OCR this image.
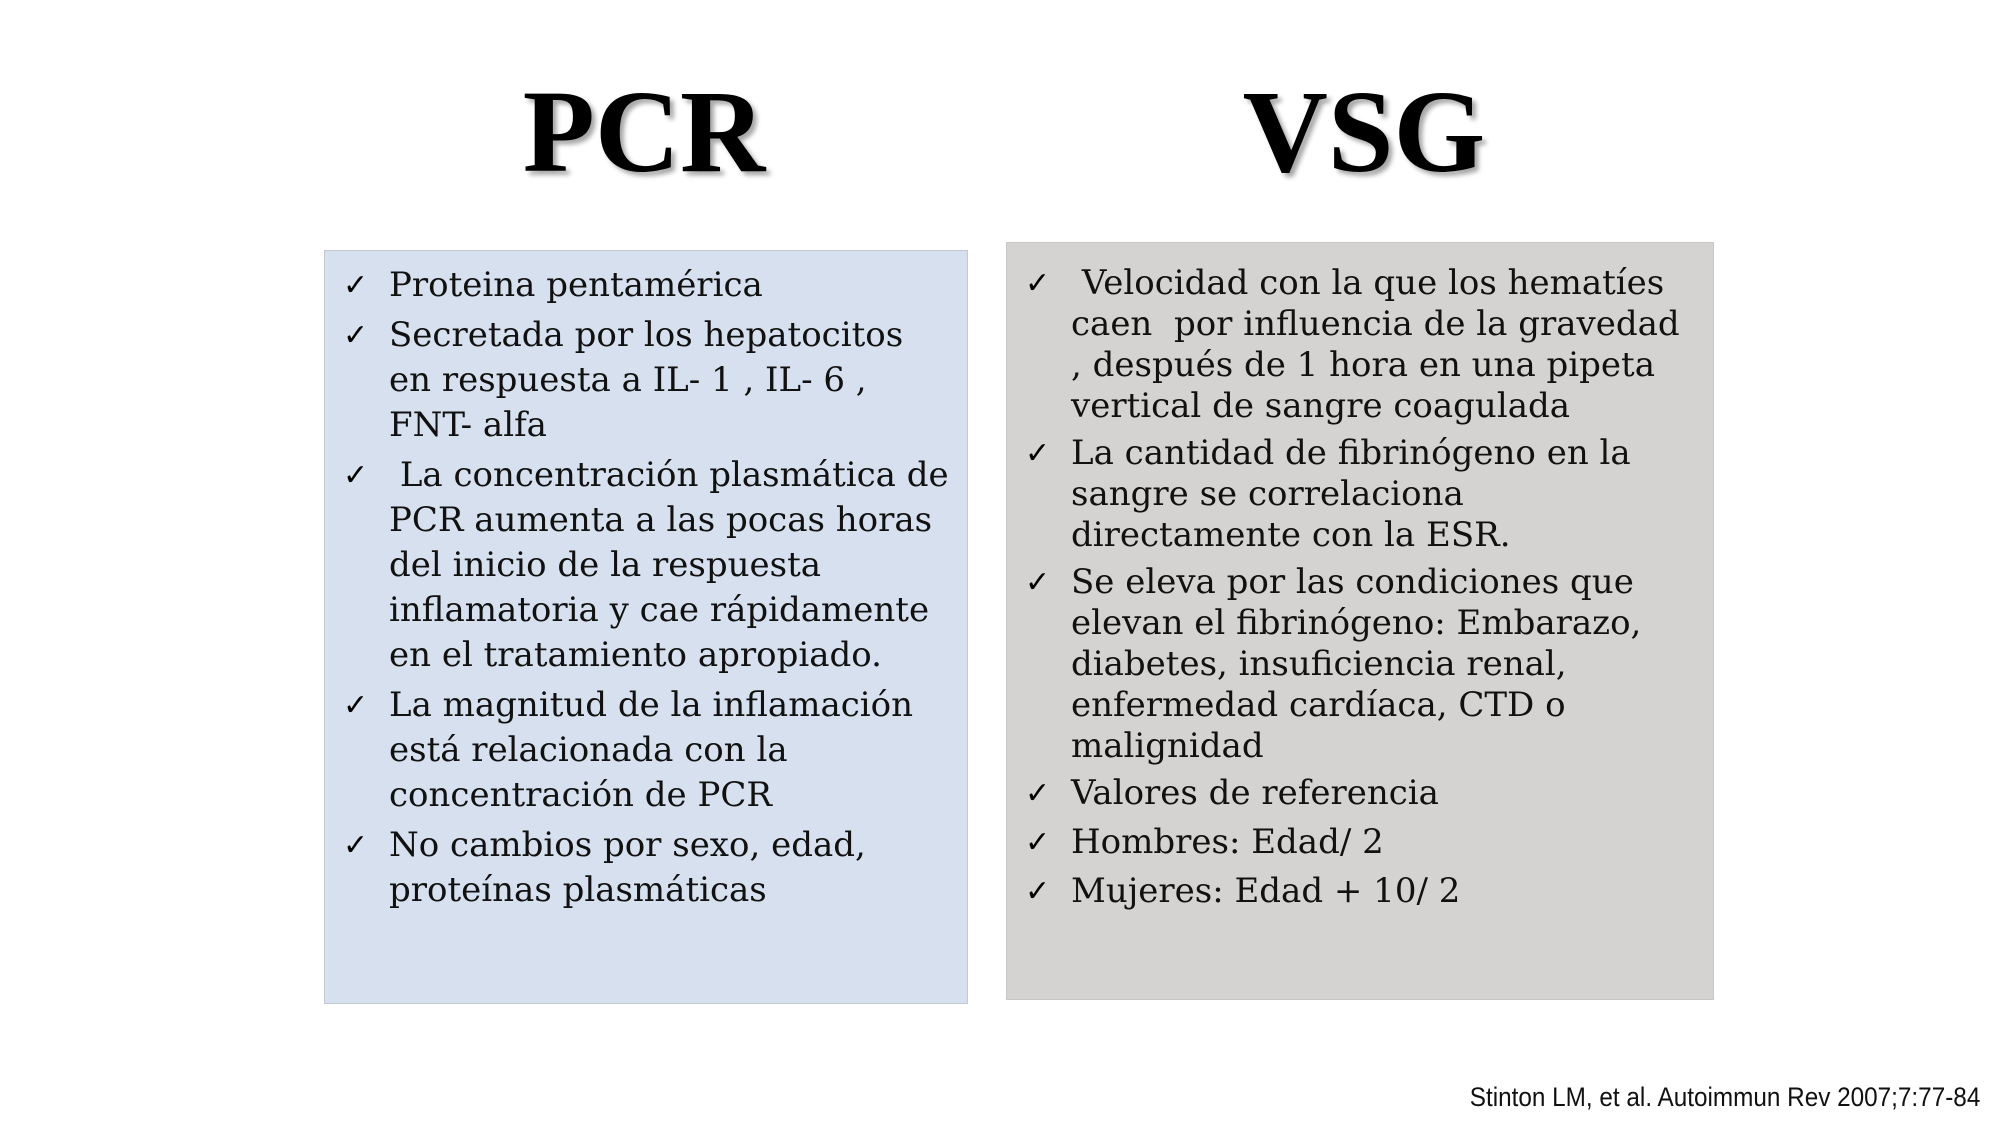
PCR	VSG
✓ Proteina pentamérica
✓ Secretada por los hepatocitos en respuesta a IL- 1 , IL- 6 , FNT- alfa
✓ La concentración plasmática de PCR aumenta a las pocas horas del inicio de la respuesta inflamatoria y cae rápidamente en el tratamiento apropiado.
✓ La magnitud de la inflamación está relacionada con la concentración de PCR
✓ No cambios por sexo, edad, proteínas plasmáticas
✓ Velocidad con la que los hematíes caen  por influencia de la gravedad , después de 1 hora en una pipeta vertical de sangre coagulada
✓ La cantidad de fibrinógeno en la sangre se correlaciona directamente con la ESR.
✓ Se eleva por las condiciones que elevan el fibrinógeno: Embarazo, diabetes, insuficiencia renal, enfermedad cardíaca, CTD o malignidad
✓ Valores de referencia
✓ Hombres: Edad/ 2
✓ Mujeres: Edad + 10/ 2

Stinton LM, et al. Autoimmun Rev 2007;7:77-84
